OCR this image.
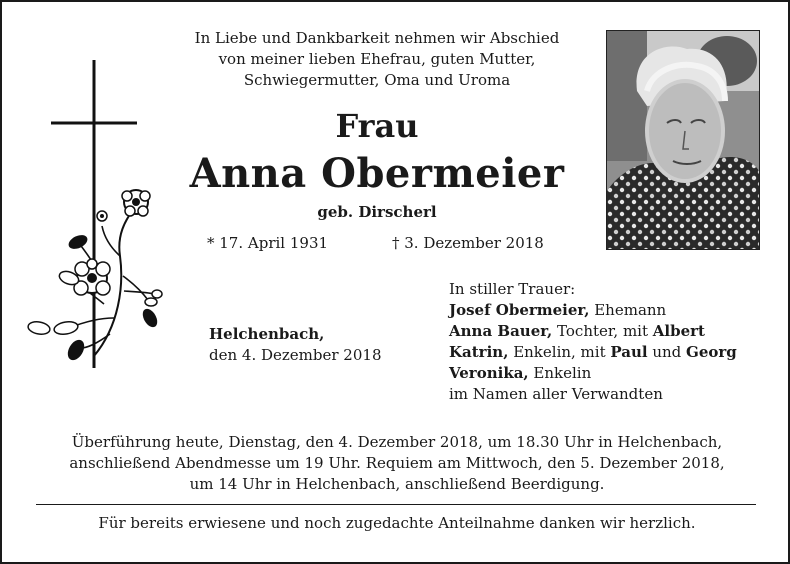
In Liebe und Dankbarkeit nehmen wir Abschied
von meiner lieben Ehefrau, guten Mutter,
Schwiegermutter, Oma und Uroma
Frau
Anna Obermeier
geb. Dirscherl
* 17. April 1931	† 3. Dezember 2018
Helchenbach,
den 4. Dezember 2018
In stiller Trauer:
Josef Obermeier, Ehemann
Anna Bauer, Tochter, mit Albert
Katrin, Enkelin, mit Paul und Georg
Veronika, Enkelin
im Namen aller Verwandten
Überführung heute, Dienstag, den 4. Dezember 2018, um 18.30 Uhr in Helchenbach,
anschließend Abendmesse um 19 Uhr. Requiem am Mittwoch, den 5. Dezember 2018,
um 14 Uhr in Helchenbach, anschließend Beerdigung.
Für bereits erwiesene und noch zugedachte Anteilnahme danken wir herzlich.
